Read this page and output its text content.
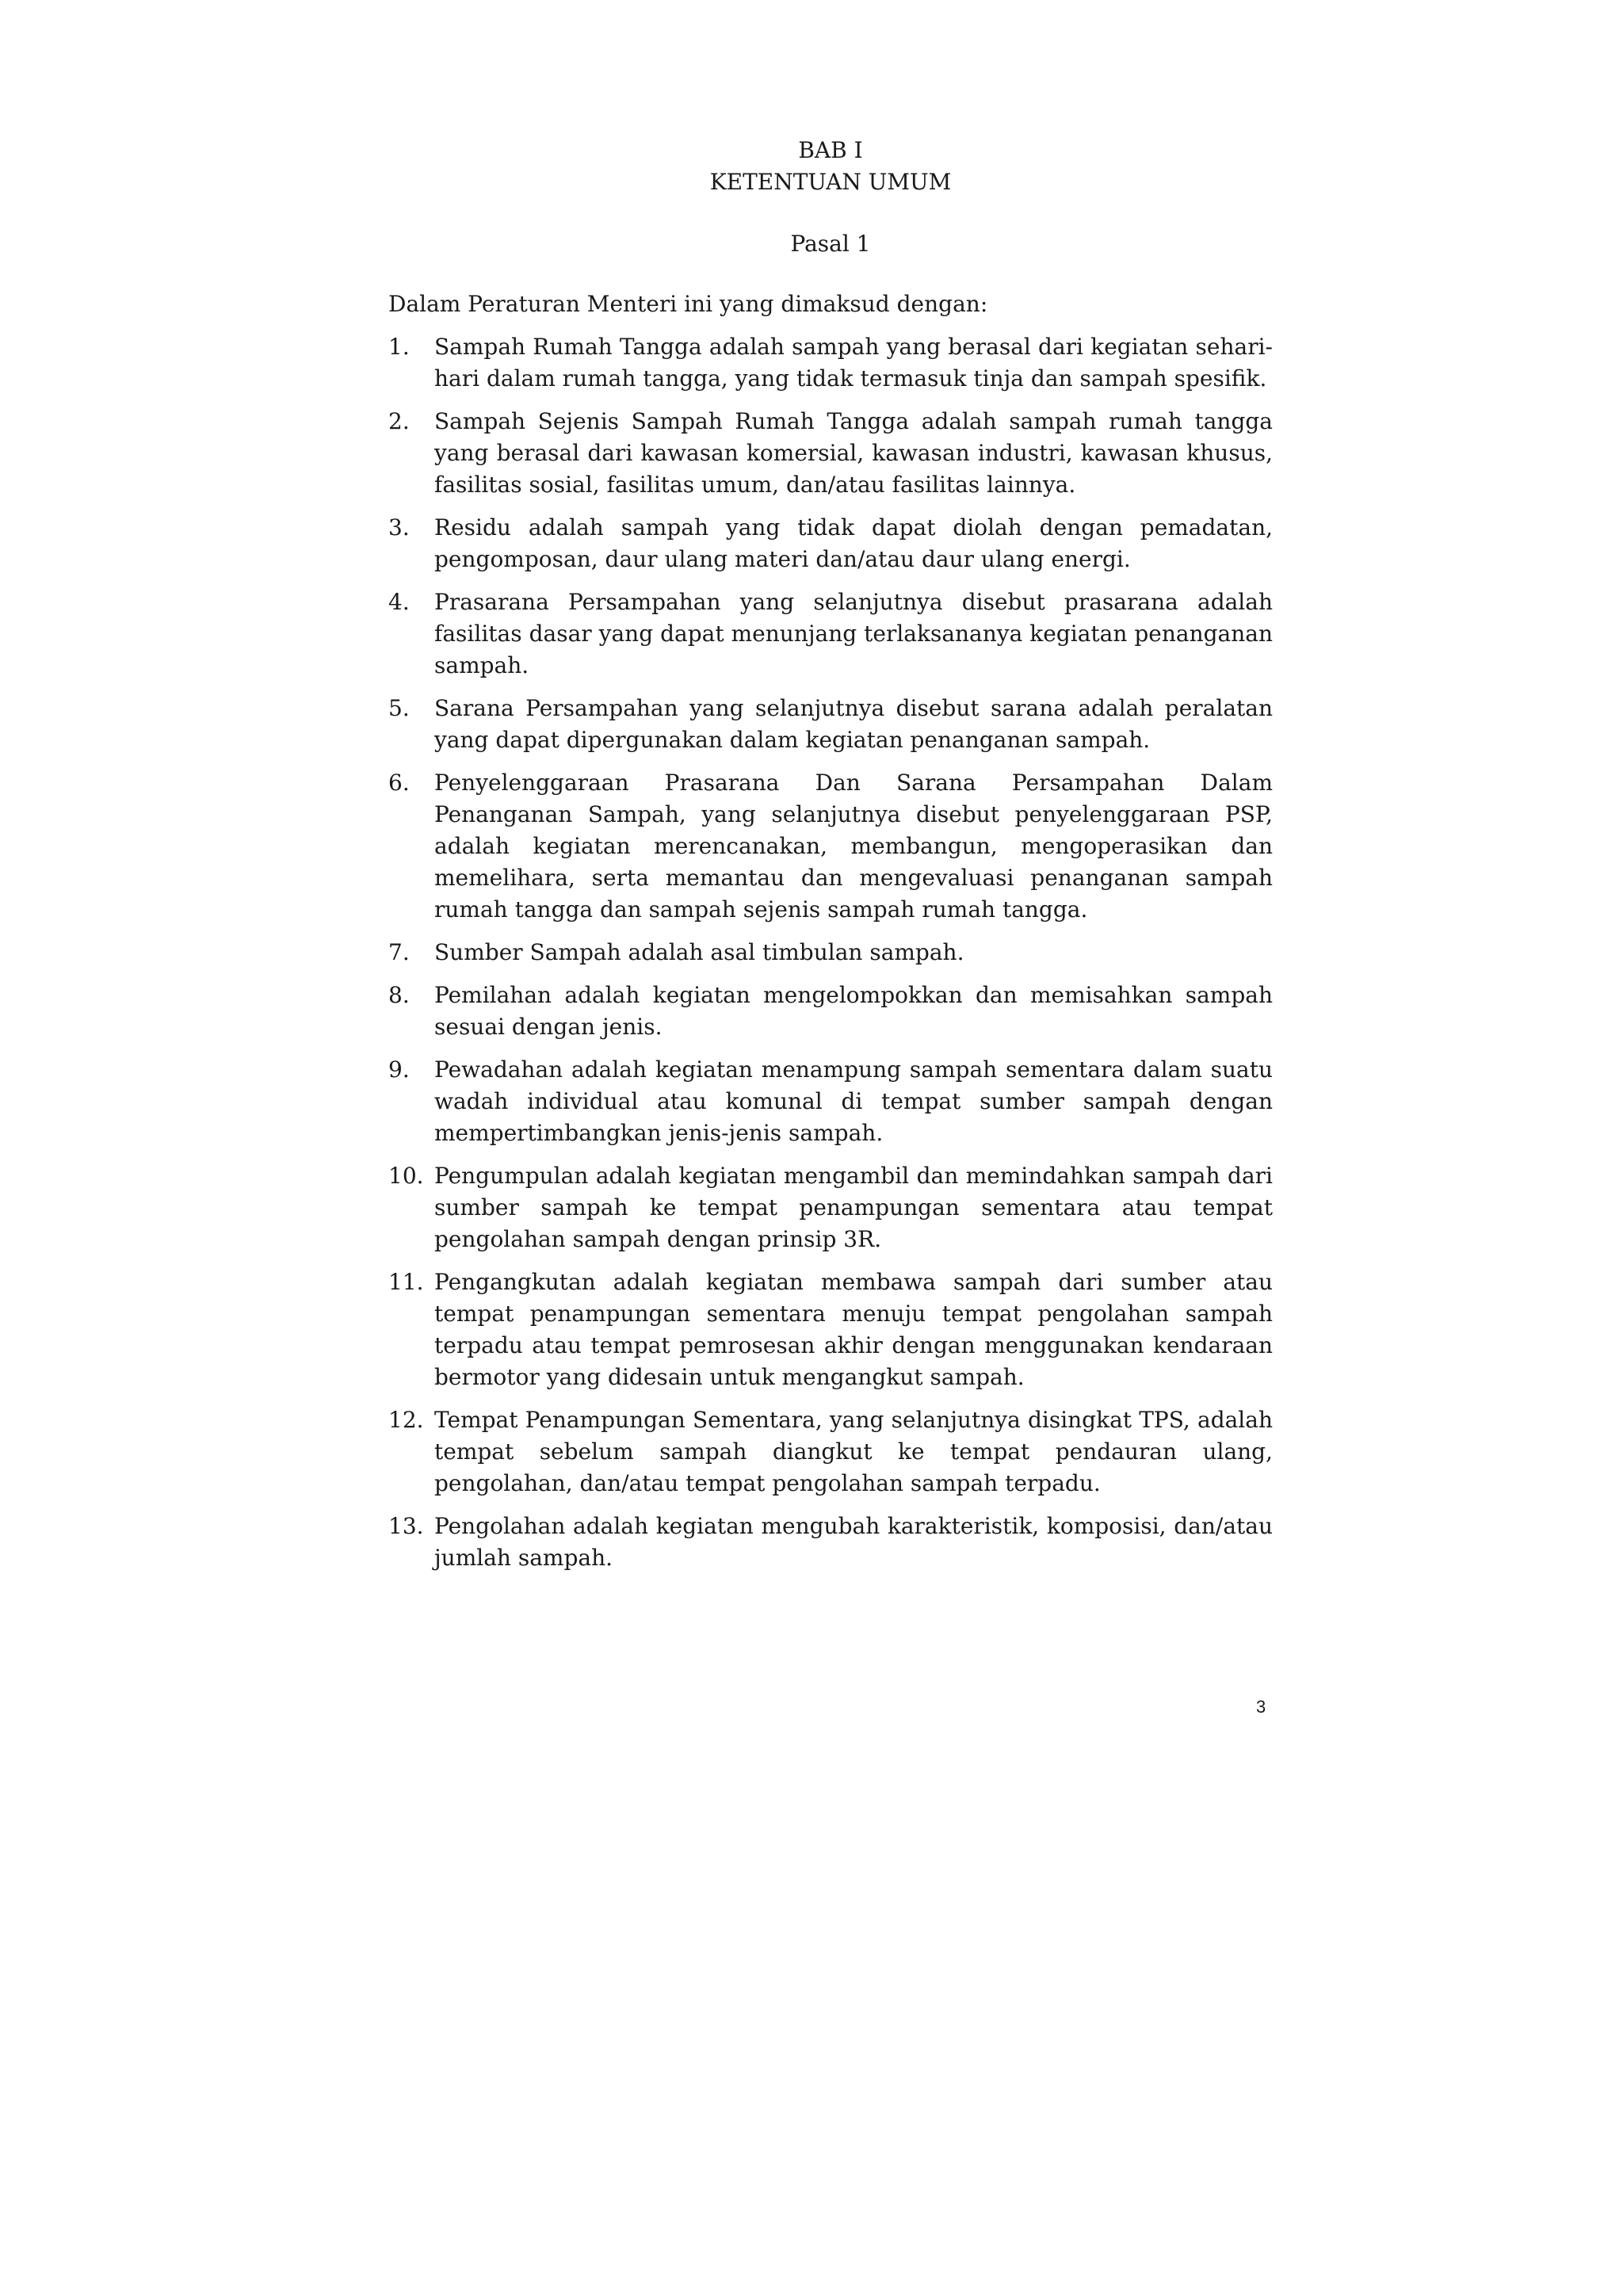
BAB I
KETENTUAN UMUM
Pasal 1

Dalam Peraturan Menteri ini yang dimaksud dengan:

1.	Sampah Rumah Tangga adalah sampah yang berasal dari kegiatan sehari-hari dalam rumah tangga, yang tidak termasuk tinja dan sampah spesifik.
2.	Sampah Sejenis Sampah Rumah Tangga adalah sampah rumah tangga yang berasal dari kawasan komersial, kawasan industri, kawasan khusus, fasilitas sosial, fasilitas umum, dan/atau fasilitas lainnya.
3.	Residu adalah sampah yang tidak dapat diolah dengan pemadatan, pengomposan, daur ulang materi dan/atau daur ulang energi.
4.	Prasarana Persampahan yang selanjutnya disebut prasarana adalah fasilitas dasar yang dapat menunjang terlaksananya kegiatan penanganan sampah.
5.	Sarana Persampahan yang selanjutnya disebut sarana adalah peralatan yang dapat dipergunakan dalam kegiatan penanganan sampah.
6.	Penyelenggaraan Prasarana Dan Sarana Persampahan Dalam Penanganan Sampah, yang selanjutnya disebut penyelenggaraan PSP, adalah kegiatan merencanakan, membangun, mengoperasikan dan memelihara, serta memantau dan mengevaluasi penanganan sampah rumah tangga dan sampah sejenis sampah rumah tangga.
7.	Sumber Sampah adalah asal timbulan sampah.
8.	Pemilahan adalah kegiatan mengelompokkan dan memisahkan sampah sesuai dengan jenis.
9.	Pewadahan adalah kegiatan menampung sampah sementara dalam suatu wadah individual atau komunal di tempat sumber sampah dengan mempertimbangkan jenis-jenis sampah.
10. Pengumpulan adalah kegiatan mengambil dan memindahkan sampah dari sumber sampah ke tempat penampungan sementara atau tempat pengolahan sampah dengan prinsip 3R.
11. Pengangkutan adalah kegiatan membawa sampah dari sumber atau tempat penampungan sementara menuju tempat pengolahan sampah terpadu atau tempat pemrosesan akhir dengan menggunakan kendaraan bermotor yang didesain untuk mengangkut sampah.
12. Tempat Penampungan Sementara, yang selanjutnya disingkat TPS, adalah tempat sebelum sampah diangkut ke tempat pendauran ulang, pengolahan, dan/atau tempat pengolahan sampah terpadu.
13. Pengolahan adalah kegiatan mengubah karakteristik, komposisi, dan/atau jumlah sampah.
3
